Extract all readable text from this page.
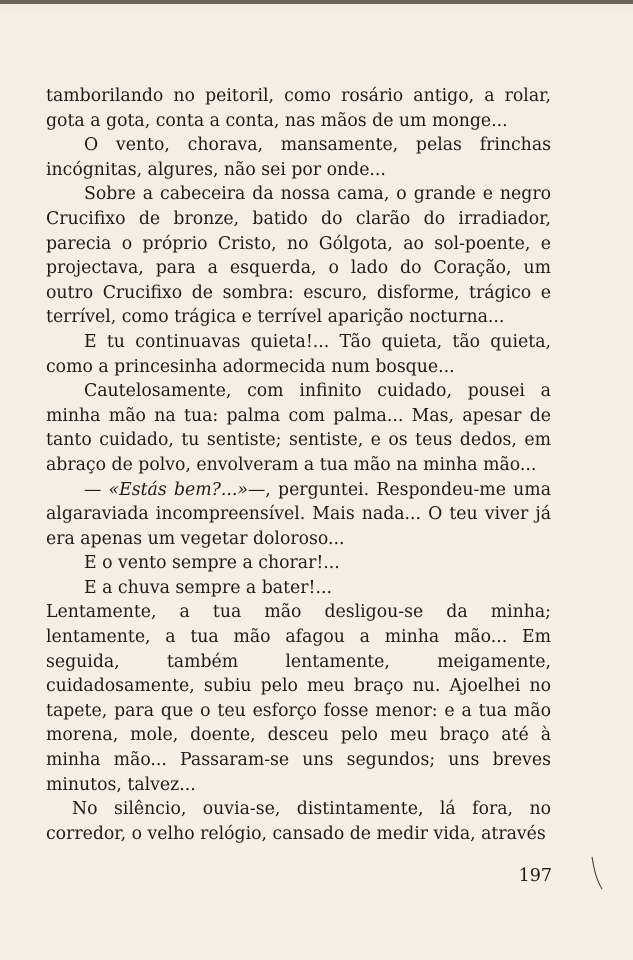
tamborilando no peitoril, como rosário antigo, a rolar, gota a gota, conta a conta, nas mãos de um monge...

O vento, chorava, mansamente, pelas frinchas incógnitas, algures, não sei por onde...

Sobre a cabeceira da nossa cama, o grande e negro Crucifixo de bronze, batido do clarão do irradiador, parecia o próprio Cristo, no Gólgota, ao sol-poente, e projectava, para a esquerda, o lado do Coração, um outro Crucifixo de sombra: escuro, disforme, trágico e terrível, como trágica e terrível aparição nocturna...

E tu continuavas quieta!... Tão quieta, tão quieta, como a princesinha adormecida num bosque...

Cautelosamente, com infinito cuidado, pousei a minha mão na tua: palma com palma... Mas, apesar de tanto cuidado, tu sentiste; sentiste, e os teus dedos, em abraço de polvo, envolveram a tua mão na minha mão...

— «Estás bem?...»—, perguntei. Respondeu-me uma algaraviada incompreensível. Mais nada... O teu viver já era apenas um vegetar doloroso...

E o vento sempre a chorar!...

E a chuva sempre a bater!...

Lentamente, a tua mão desligou-se da minha; lentamente, a tua mão afagou a minha mão... Em seguida, também lentamente, meigamente, cuidadosamente, subiu pelo meu braço nu. Ajoelhei no tapete, para que o teu esforço fosse menor: e a tua mão morena, mole, doente, desceu pelo meu braço até à minha mão... Passaram-se uns segundos; uns breves minutos, talvez...

No silêncio, ouvia-se, distintamente, lá fora, no corredor, o velho relógio, cansado de medir vida, através

197
